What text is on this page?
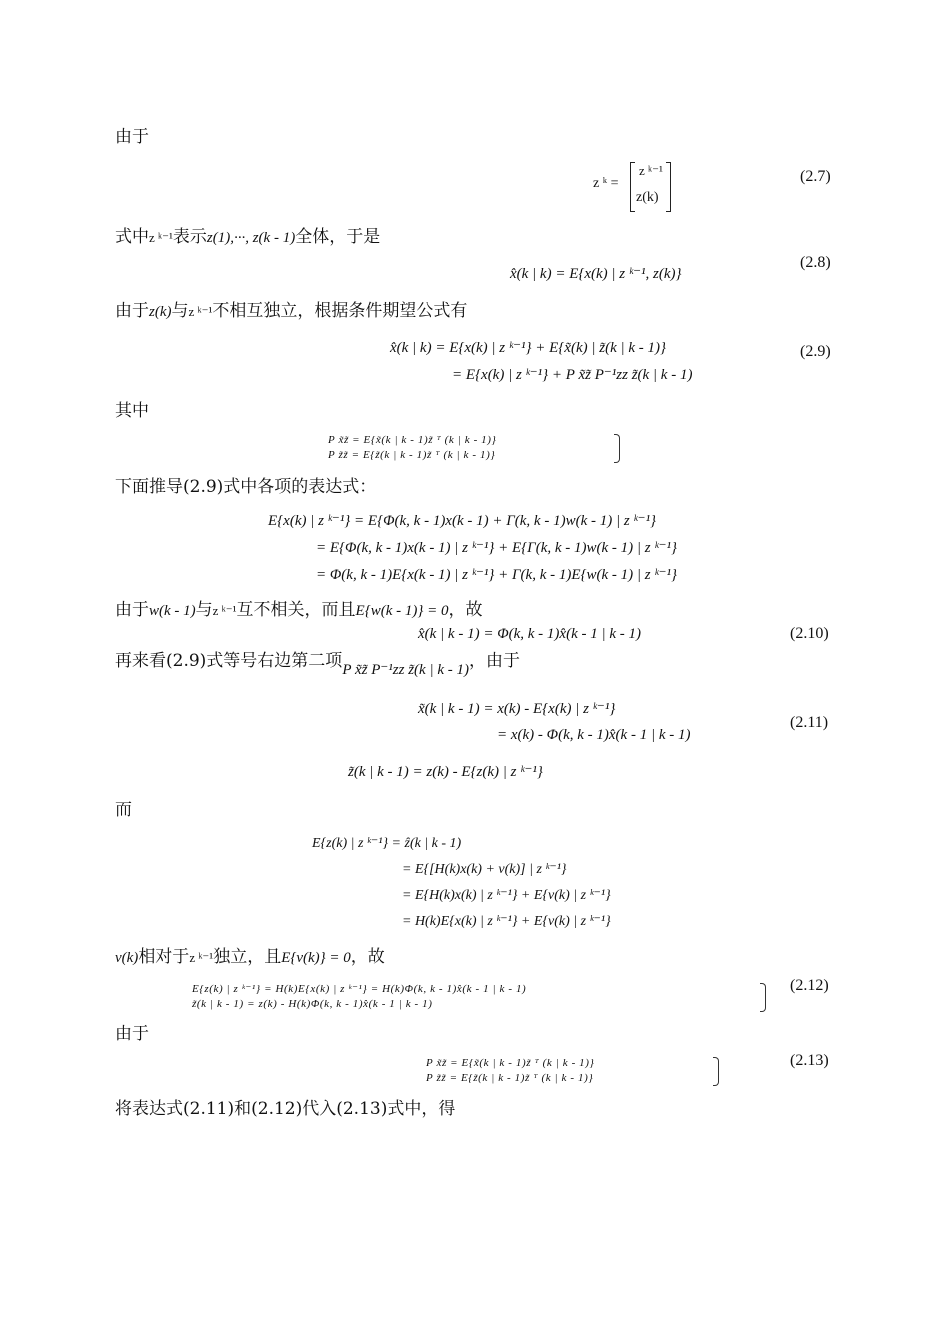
由于
z ᵏ =
z ᵏ⁻¹
z(k)
(2.7)
式中z ᵏ⁻¹表示z(1),···, z(k - 1)全体，于是
x̂(k | k) = E{x(k) | z ᵏ⁻¹, z(k)}
(2.8)
由于z(k)与z ᵏ⁻¹不相互独立，根据条件期望公式有
x̂(k | k) = E{x(k) | z ᵏ⁻¹} + E{x̃(k) | z̃(k | k - 1)}
= E{x(k) | z ᵏ⁻¹} + P x̃z̃ P⁻¹zz z̃(k | k - 1)
(2.9)
其中
P x̃z̃ = E{x̃(k | k - 1)z̃ ᵀ (k | k - 1)}
P z̃z̃ = E{z̃(k | k - 1)z̃ ᵀ (k | k - 1)}
下面推导(2.9)式中各项的表达式：
E{x(k) | z ᵏ⁻¹} = E{Φ(k, k - 1)x(k - 1) + Γ(k, k - 1)w(k - 1) | z ᵏ⁻¹}
= E{Φ(k, k - 1)x(k - 1) | z ᵏ⁻¹} + E{Γ(k, k - 1)w(k - 1) | z ᵏ⁻¹}
= Φ(k, k - 1)E{x(k - 1) | z ᵏ⁻¹} + Γ(k, k - 1)E{w(k - 1) | z ᵏ⁻¹}
由于w(k - 1)与z ᵏ⁻¹互不相关，而且E{w(k - 1)} = 0，故
x̂(k | k - 1) = Φ(k, k - 1)x̂(k - 1 | k - 1)	(2.10)
再来看(2.9)式等号右边第二项P x̃z̃ P⁻¹zz z̃(k | k - 1)，由于
x̃(k | k - 1) = x(k) - E{x(k) | z ᵏ⁻¹}
= x(k) - Φ(k, k - 1)x̂(k - 1 | k - 1)
(2.11)
z̃(k | k - 1) = z(k) - E{z(k) | z ᵏ⁻¹}
而
E{z(k) | z ᵏ⁻¹} = ẑ(k | k - 1)
= E{[H(k)x(k) + v(k)] | z ᵏ⁻¹}
= E{H(k)x(k) | z ᵏ⁻¹} + E{v(k) | z ᵏ⁻¹}
= H(k)E{x(k) | z ᵏ⁻¹} + E{v(k) | z ᵏ⁻¹}
v(k)相对于z ᵏ⁻¹独立，且E{v(k)} = 0，故
E{z(k) | z ᵏ⁻¹} = H(k)E{x(k) | z ᵏ⁻¹} = H(k)Φ(k, k - 1)x̂(k - 1 | k - 1)
z̃(k | k - 1) = z(k) - H(k)Φ(k, k - 1)x̂(k - 1 | k - 1)
(2.12)
由于
P x̃z̃ = E{x̃(k | k - 1)z̃ ᵀ (k | k - 1)}
P z̃z̃ = E{z̃(k | k - 1)z̃ ᵀ (k | k - 1)}
(2.13)
将表达式(2.11)和(2.12)代入(2.13)式中，得
